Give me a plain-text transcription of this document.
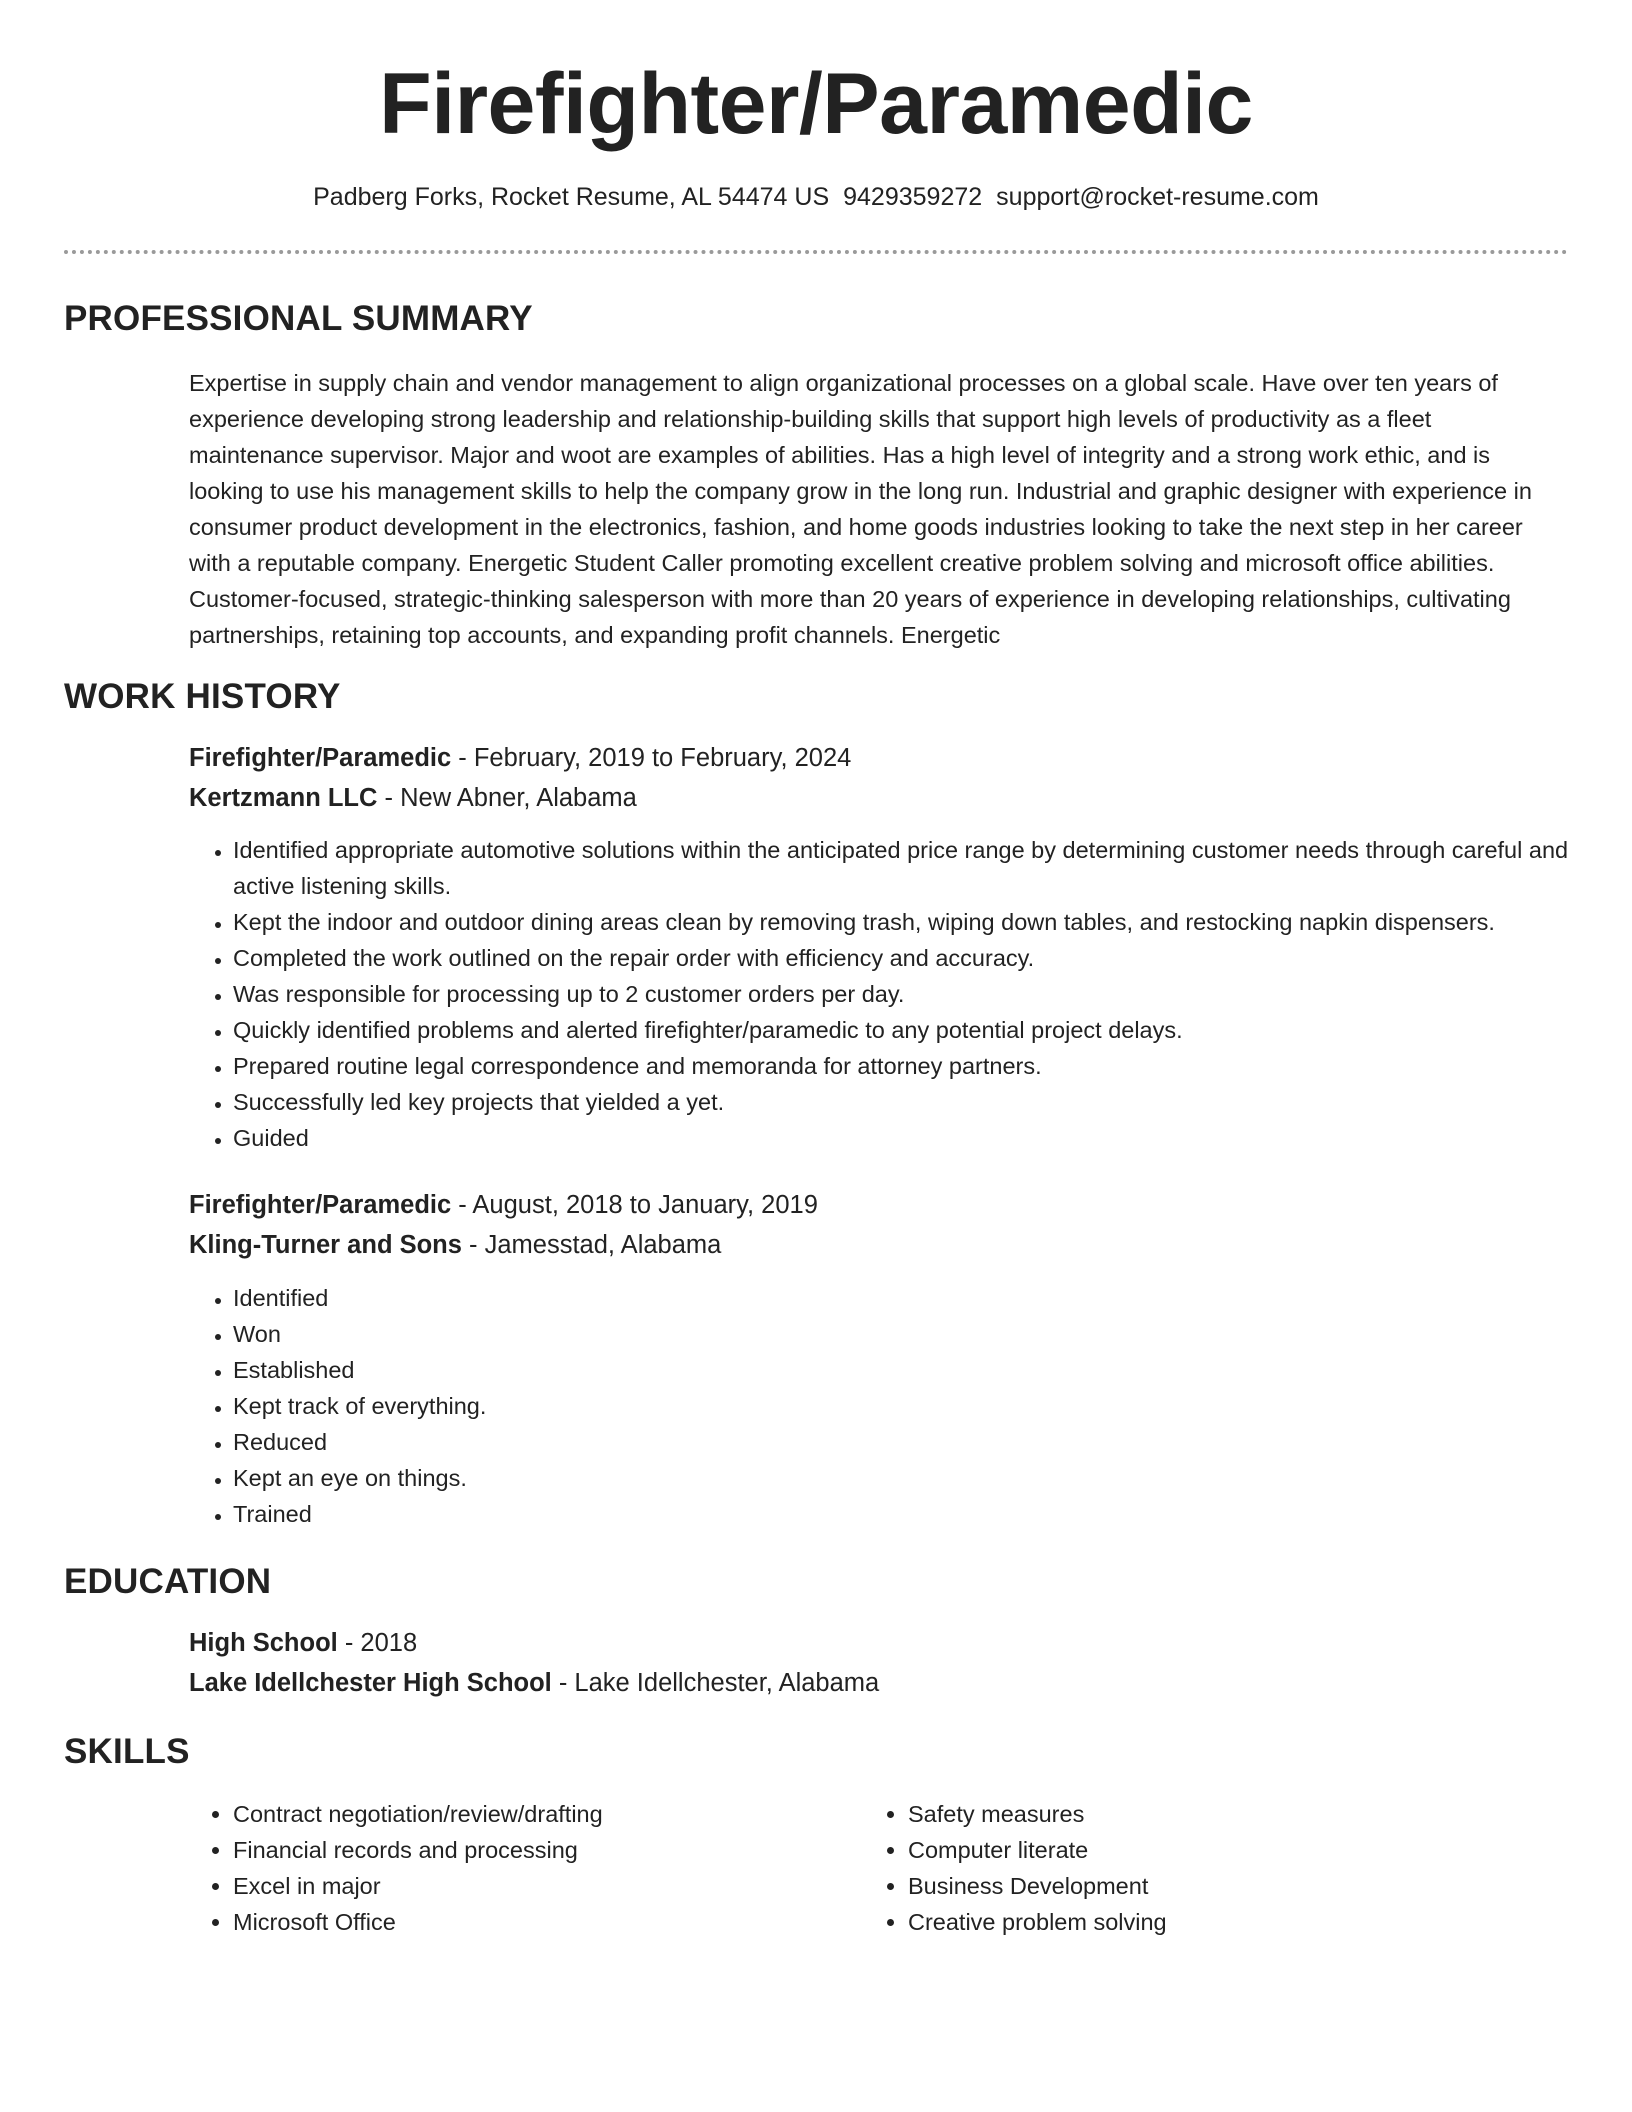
Firefighter/Paramedic
Padberg Forks, Rocket Resume, AL 54474 US 9429359272 support@rocket-resume.com
PROFESSIONAL SUMMARY

Expertise in supply chain and vendor management to align organizational processes on a global scale. Have over ten years of experience developing strong leadership and relationship-building skills that support high levels of productivity as a fleet maintenance supervisor. Major and woot are examples of abilities. Has a high level of integrity and a strong work ethic, and is looking to use his management skills to help the company grow in the long run. Industrial and graphic designer with experience in consumer product development in the electronics, fashion, and home goods industries looking to take the next step in her career with a reputable company. Energetic Student Caller promoting excellent creative problem solving and microsoft office abilities. Customer-focused, strategic-thinking salesperson with more than 20 years of experience in developing relationships, cultivating partnerships, retaining top accounts, and expanding profit channels. Energetic

WORK HISTORY
Firefighter/Paramedic - February, 2019 to February, 2024
Kertzmann LLC - New Abner, Alabama
• Identified appropriate automotive solutions within the anticipated price range by determining customer needs through careful and active listening skills.
• Kept the indoor and outdoor dining areas clean by removing trash, wiping down tables, and restocking napkin dispensers.
• Completed the work outlined on the repair order with efficiency and accuracy.
• Was responsible for processing up to 2 customer orders per day.
• Quickly identified problems and alerted firefighter/paramedic to any potential project delays.
• Prepared routine legal correspondence and memoranda for attorney partners.
• Successfully led key projects that yielded a yet.
• Guided
Firefighter/Paramedic - August, 2018 to January, 2019
Kling-Turner and Sons - Jamesstad, Alabama
• Identified
• Won
• Established
• Kept track of everything.
• Reduced
• Kept an eye on things.
• Trained
EDUCATION
High School - 2018
Lake Idellchester High School - Lake Idellchester, Alabama
SKILLS
• Contract negotiation/review/drafting
• Financial records and processing
• Excel in major
• Microsoft Office
• Safety measures
• Computer literate
• Business Development
• Creative problem solving
